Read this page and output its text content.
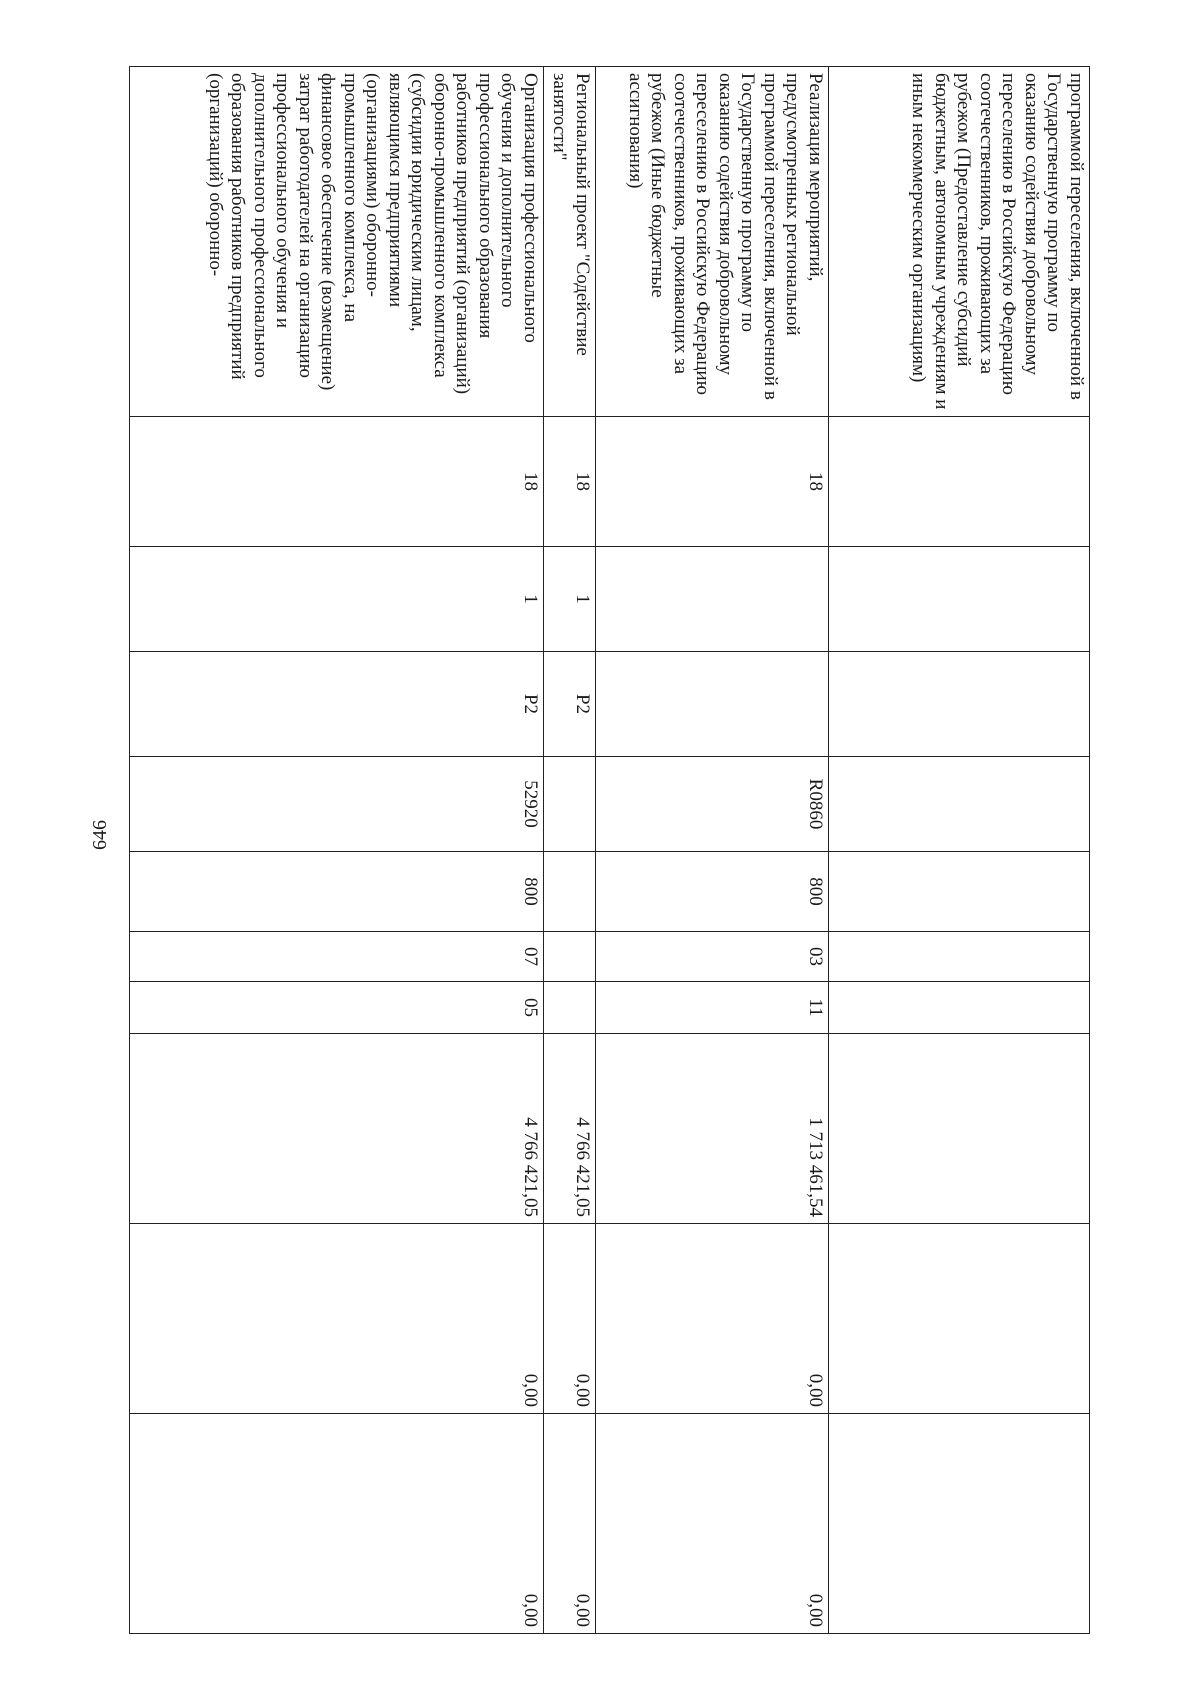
646
программой переселения, включенной в Государственную программу по оказанию содействия добровольному переселению в Российскую Федерацию соотечественников, проживающих за рубежом (Предоставление субсидий бюджетным, автономным учреждениям и иным некоммерческим организациям)										
Реализация мероприятий, предусмотренных региональной программой переселения, включенной в Государственную программу по оказанию содействия добровольному переселению в Российскую Федерацию соотечественников, проживающих за рубежом (Иные бюджетные ассигнования)	18			R0860	800	03	11	1 713 461,54	0,00	0,00
Региональный проект "Содействие занятости"	18	1	P2					4 766 421,05	0,00	0,00
Организация профессионального обучения и дополнительного профессионального образования работников предприятий (организаций) оборонно-промышленного комплекса (субсидии юридическим лицам, являющимся предприятиями (организациями) оборонно-промышленного комплекса, на финансовое обеспечение (возмещение) затрат работодателей на организацию профессионального обучения и дополнительного профессионального образования работников предприятий (организаций) оборонно-	18	1	P2	52920	800	07	05	4 766 421,05	0,00	0,00
